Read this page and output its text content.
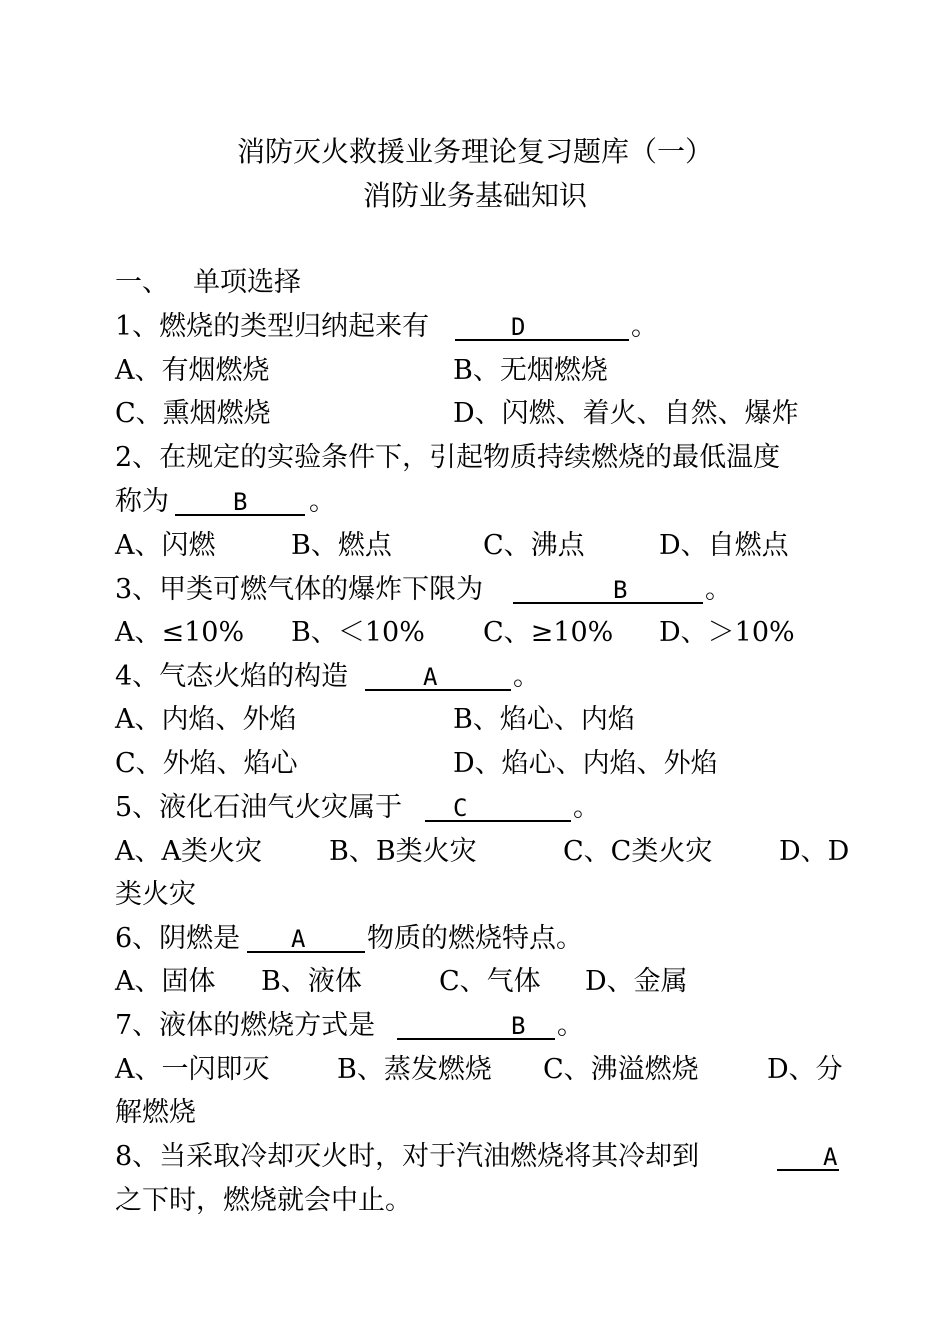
消防灭火救援业务理论复习题库（一）
消防业务基础知识
一、 单项选择
1、燃烧的类型归纳起来有	D	。
A、有烟燃烧	B、无烟燃烧
C、熏烟燃烧	D、闪燃、着火、自然、爆炸
2、在规定的实验条件下，引起物质持续燃烧的最低温度
称为	B	。
A、闪燃	B、燃点	C、沸点	D、自燃点
3、甲类可燃气体的爆炸下限为	B	。
A、≤10% B、＜10% C、≥10% D、＞10%
4、气态火焰的构造	A	。
A、内焰、外焰	B、焰心、内焰
C、外焰、焰心	D、焰心、内焰、外焰
5、液化石油气火灾属于	C	。
A、A类火灾 B、B类火灾	C、C类火灾 D、D
类火灾
6、阴燃是	A	物质的燃烧特点。
A、固体 B、液体	C、气体 D、金属
7、液体的燃烧方式是	B	。
A、一闪即灭	B、蒸发燃烧 C、沸溢燃烧	D、分
解燃烧
8、当采取冷却灭火时，对于汽油燃烧将其冷却到	A
之下时，燃烧就会中止。
